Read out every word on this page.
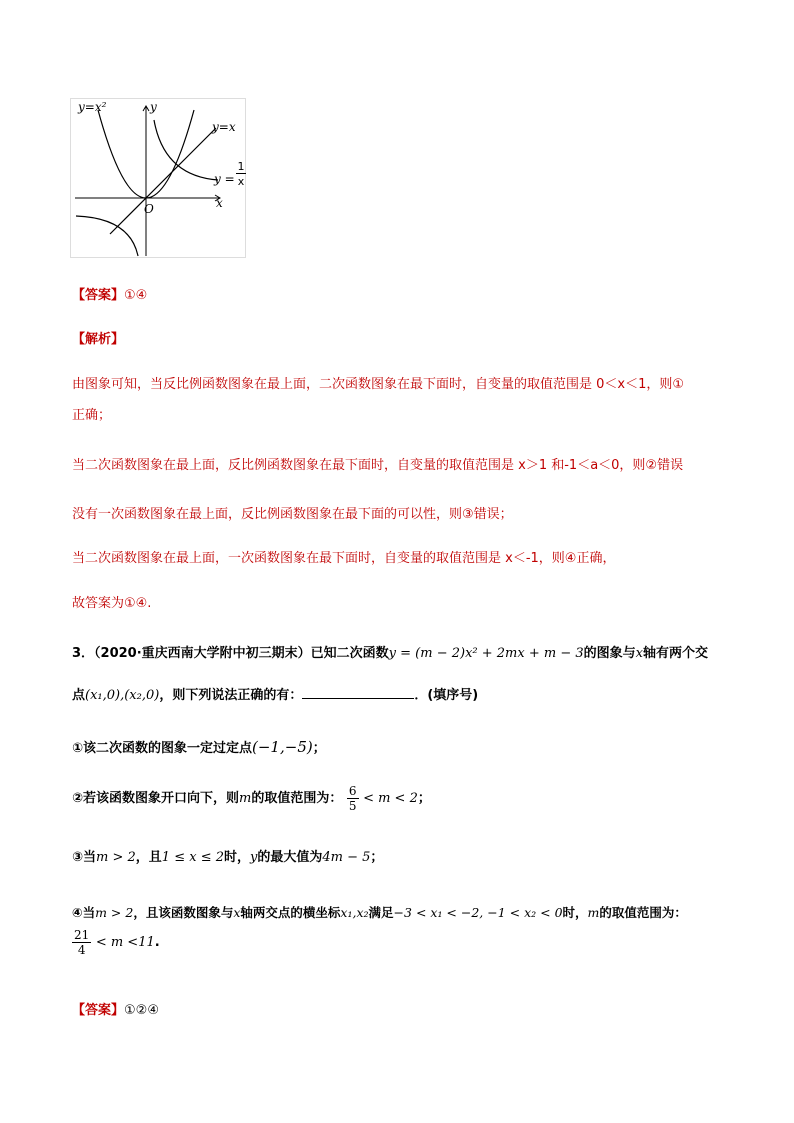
y=x²	y
y=x
y =
1
x
O	x
【答案】①④
【解析】
由图象可知，当反比例函数图象在最上面，二次函数图象在最下面时，自变量的取值范围是 0＜x＜1，则①
正确；
当二次函数图象在最上面，反比例函数图象在最下面时，自变量的取值范围是 x＞1 和-1＜a＜0，则②错误
没有一次函数图象在最上面，反比例函数图象在最下面的可以性，则③错误；
当二次函数图象在最上面，一次函数图象在最下面时，自变量的取值范围是 x＜-1，则④正确，
故答案为①④.
3．（2020·重庆西南大学附中初三期末）已知二次函数y = (m − 2)x² + 2mx + m − 3的图象与x轴有两个交
点(x₁,0),(x₂,0)，则下列说法正确的有：	．(填序号)
①该二次函数的图象一定过定点(−1,−5)；
②若该函数图象开口向下，则m的取值范围为： $\frac{6}{5} < m < 2$；
③当m > 2，且1 ≤ x ≤ 2时，y的最大值为4m − 5；
④当m > 2，且该函数图象与x轴两交点的横坐标x₁,x₂满足−3 < x₁ < −2, −1 < x₂ < 0时，m的取值范围为：
$\frac{21}{4} < m <11$.
【答案】①②④
